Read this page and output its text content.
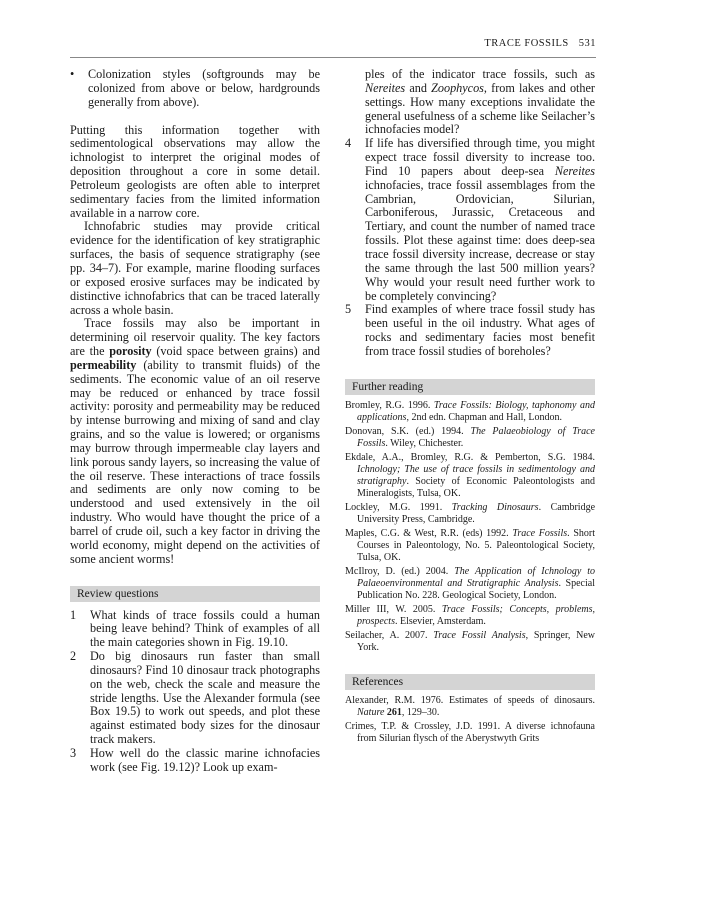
TRACE FOSSILS 531
•	Colonization styles (softgrounds may be colonized from above or below, hardgrounds generally from above).

Putting this information together with sedimentological observations may allow the ichnologist to interpret the original modes of deposition throughout a core in some detail. Petroleum geologists are often able to interpret sedimentary facies from the limited information available in a narrow core.

Ichnofabric studies may provide critical evidence for the identification of key stratigraphic surfaces, the basis of sequence stratigraphy (see pp. 34–7). For example, marine flooding surfaces or exposed erosive surfaces may be indicated by distinctive ichnofabrics that can be traced laterally across a whole basin.

Trace fossils may also be important in determining oil reservoir quality. The key factors are the porosity (void space between grains) and permeability (ability to transmit fluids) of the sediments. The economic value of an oil reserve may be reduced or enhanced by trace fossil activity: porosity and permeability may be reduced by intense burrowing and mixing of sand and clay grains, and so the value is lowered; or organisms may burrow through impermeable clay layers and link porous sandy layers, so increasing the value of the oil reserve. These interactions of trace fossils and sediments are only now coming to be understood and used extensively in the oil industry. Who would have thought the price of a barrel of crude oil, such a key factor in driving the world economy, might depend on the activities of some ancient worms!

Review questions
1	What kinds of trace fossils could a human being leave behind? Think of examples of all the main categories shown in Fig. 19.10.
2	Do big dinosaurs run faster than small dinosaurs? Find 10 dinosaur track photographs on the web, check the scale and measure the stride lengths. Use the Alexander formula (see Box 19.5) to work out speeds, and plot these against estimated body sizes for the dinosaur track makers.
3	How well do the classic marine ichnofacies work (see Fig. 19.12)? Look up exam-

ples of the indicator trace fossils, such as Nereites and Zoophycos, from lakes and other settings. How many exceptions invalidate the general usefulness of a scheme like Seilacher’s ichnofacies model?

4	If life has diversified through time, you might expect trace fossil diversity to increase too. Find 10 papers about deep-sea Nereites ichnofacies, trace fossil assemblages from the Cambrian, Ordovician, Silurian, Carboniferous, Jurassic, Cretaceous and Tertiary, and count the number of named trace fossils. Plot these against time: does deep-sea trace fossil diversity increase, decrease or stay the same through the last 500 million years? Why would your result need further work to be completely convincing?
5	Find examples of where trace fossil study has been useful in the oil industry. What ages of rocks and sedimentary facies most benefit from trace fossil studies of boreholes?
Further reading

Bromley, R.G. 1996. Trace Fossils: Biology, taphonomy and applications, 2nd edn. Chapman and Hall, London.

Donovan, S.K. (ed.) 1994. The Palaeobiology of Trace Fossils. Wiley, Chichester.

Ekdale, A.A., Bromley, R.G. & Pemberton, S.G. 1984. Ichnology; The use of trace fossils in sedimentology and stratigraphy. Society of Economic Paleontologists and Mineralogists, Tulsa, OK.

Lockley, M.G. 1991. Tracking Dinosaurs. Cambridge University Press, Cambridge.

Maples, C.G. & West, R.R. (eds) 1992. Trace Fossils. Short Courses in Paleontology, No. 5. Paleontological Society, Tulsa, OK.

McIlroy, D. (ed.) 2004. The Application of Ichnology to Palaeoenvironmental and Stratigraphic Analysis. Special Publication No. 228. Geological Society, London.

Miller III, W. 2005. Trace Fossils; Concepts, problems, prospects. Elsevier, Amsterdam.

Seilacher, A. 2007. Trace Fossil Analysis, Springer, New York.

References

Alexander, R.M. 1976. Estimates of speeds of dinosaurs. Nature 261, 129–30.

Crimes, T.P. & Crossley, J.D. 1991. A diverse ichnofauna from Silurian flysch of the Aberystwyth Grits
